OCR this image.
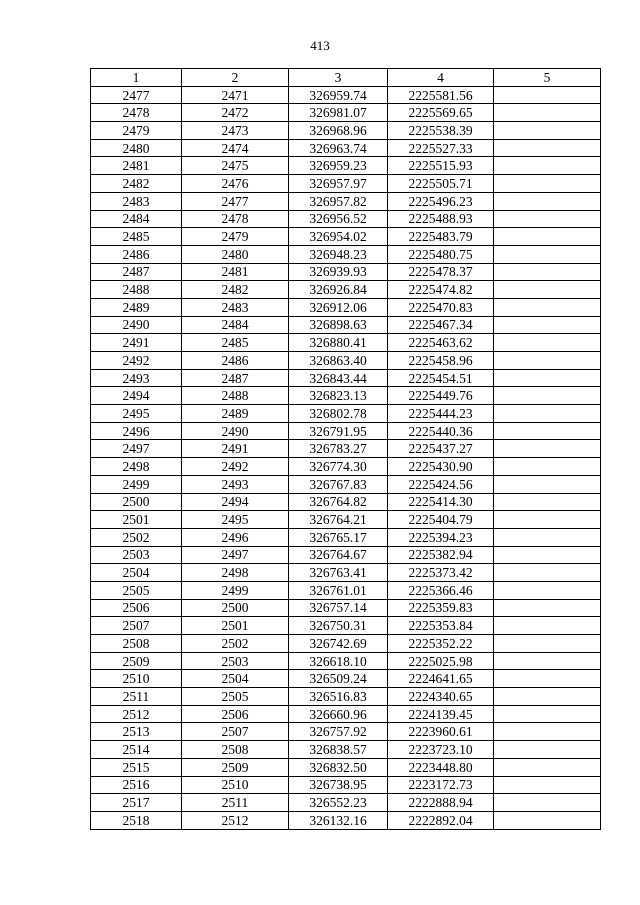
413
1	2	3	4	5
2477	2471	326959.74	2225581.56	
2478	2472	326981.07	2225569.65	
2479	2473	326968.96	2225538.39	
2480	2474	326963.74	2225527.33	
2481	2475	326959.23	2225515.93	
2482	2476	326957.97	2225505.71	
2483	2477	326957.82	2225496.23	
2484	2478	326956.52	2225488.93	
2485	2479	326954.02	2225483.79	
2486	2480	326948.23	2225480.75	
2487	2481	326939.93	2225478.37	
2488	2482	326926.84	2225474.82	
2489	2483	326912.06	2225470.83	
2490	2484	326898.63	2225467.34	
2491	2485	326880.41	2225463.62	
2492	2486	326863.40	2225458.96	
2493	2487	326843.44	2225454.51	
2494	2488	326823.13	2225449.76	
2495	2489	326802.78	2225444.23	
2496	2490	326791.95	2225440.36	
2497	2491	326783.27	2225437.27	
2498	2492	326774.30	2225430.90	
2499	2493	326767.83	2225424.56	
2500	2494	326764.82	2225414.30	
2501	2495	326764.21	2225404.79	
2502	2496	326765.17	2225394.23	
2503	2497	326764.67	2225382.94	
2504	2498	326763.41	2225373.42	
2505	2499	326761.01	2225366.46	
2506	2500	326757.14	2225359.83	
2507	2501	326750.31	2225353.84	
2508	2502	326742.69	2225352.22	
2509	2503	326618.10	2225025.98	
2510	2504	326509.24	2224641.65	
2511	2505	326516.83	2224340.65	
2512	2506	326660.96	2224139.45	
2513	2507	326757.92	2223960.61	
2514	2508	326838.57	2223723.10	
2515	2509	326832.50	2223448.80	
2516	2510	326738.95	2223172.73	
2517	2511	326552.23	2222888.94	
2518	2512	326132.16	2222892.04	
